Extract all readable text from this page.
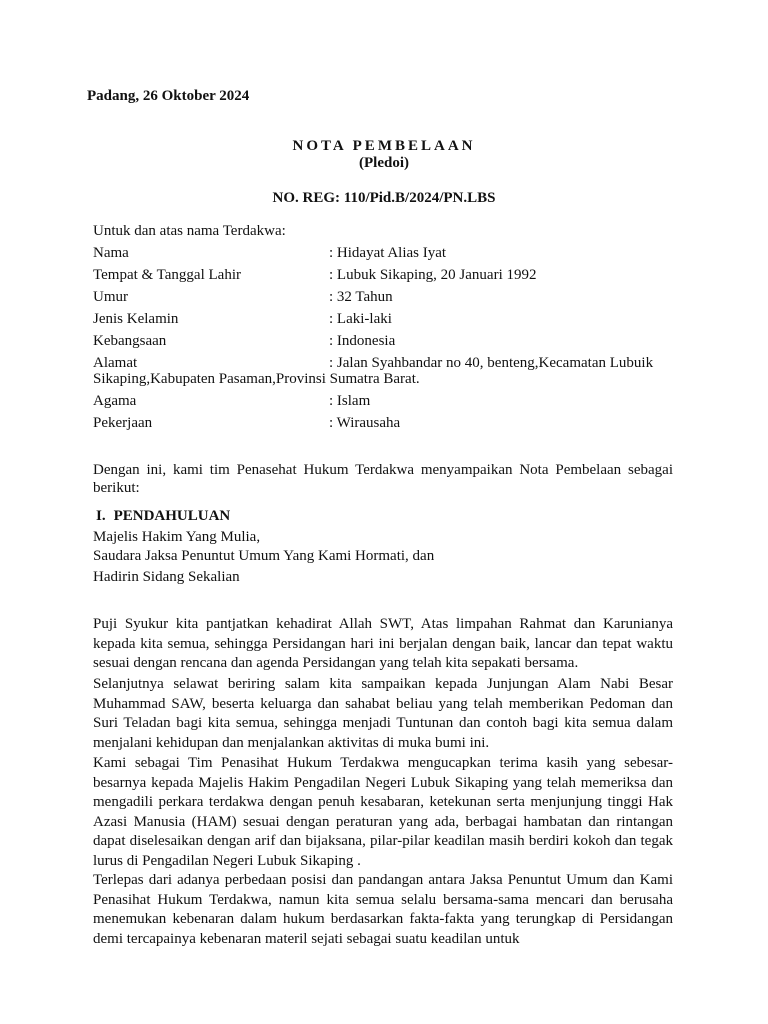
Padang, 26 Oktober 2024
NOTA PEMBELAAN
(Pledoi)
NO. REG: 110/Pid.B/2024/PN.LBS
Untuk dan atas nama Terdakwa:
Nama	: Hidayat Alias Iyat
Tempat & Tanggal Lahir	: Lubuk Sikaping, 20 Januari 1992
Umur	: 32 Tahun
Jenis Kelamin	: Laki-laki
Kebangsaan	: Indonesia
Alamat	: Jalan Syahbandar no 40, benteng,Kecamatan Lubuik
Sikaping,Kabupaten Pasaman,Provinsi Sumatra Barat.
Agama	: Islam
Pekerjaan	: Wirausaha
Dengan ini, kami tim Penasehat Hukum Terdakwa menyampaikan Nota Pembelaan sebagai berikut:
I. PENDAHULUAN
Majelis Hakim Yang Mulia,
Saudara Jaksa Penuntut Umum Yang Kami Hormati, dan
Hadirin Sidang Sekalian
Puji Syukur kita pantjatkan kehadirat Allah SWT, Atas limpahan Rahmat dan Karunianya kepada kita semua, sehingga Persidangan hari ini berjalan dengan baik, lancar dan tepat waktu sesuai dengan rencana dan agenda Persidangan yang telah kita sepakati bersama.
Selanjutnya selawat beriring salam kita sampaikan kepada Junjungan Alam Nabi Besar Muhammad SAW, beserta keluarga dan sahabat beliau yang telah memberikan Pedoman dan Suri Teladan bagi kita semua, sehingga menjadi Tuntunan dan contoh bagi kita semua dalam menjalani kehidupan dan menjalankan aktivitas di muka bumi ini.
Kami sebagai Tim Penasihat Hukum Terdakwa mengucapkan terima kasih yang sebesar-besarnya kepada Majelis Hakim Pengadilan Negeri Lubuk Sikaping yang telah memeriksa dan mengadili perkara terdakwa dengan penuh kesabaran, ketekunan serta menjunjung tinggi Hak Azasi Manusia (HAM) sesuai dengan peraturan yang ada, berbagai hambatan dan rintangan dapat diselesaikan dengan arif dan bijaksana, pilar-pilar keadilan masih berdiri kokoh dan tegak lurus di Pengadilan Negeri Lubuk Sikaping .
Terlepas dari adanya perbedaan posisi dan pandangan antara Jaksa Penuntut Umum dan Kami Penasihat Hukum Terdakwa, namun kita semua selalu bersama-sama mencari dan berusaha menemukan kebenaran dalam hukum berdasarkan fakta-fakta yang terungkap di Persidangan demi tercapainya kebenaran materil sejati sebagai suatu keadilan untuk
